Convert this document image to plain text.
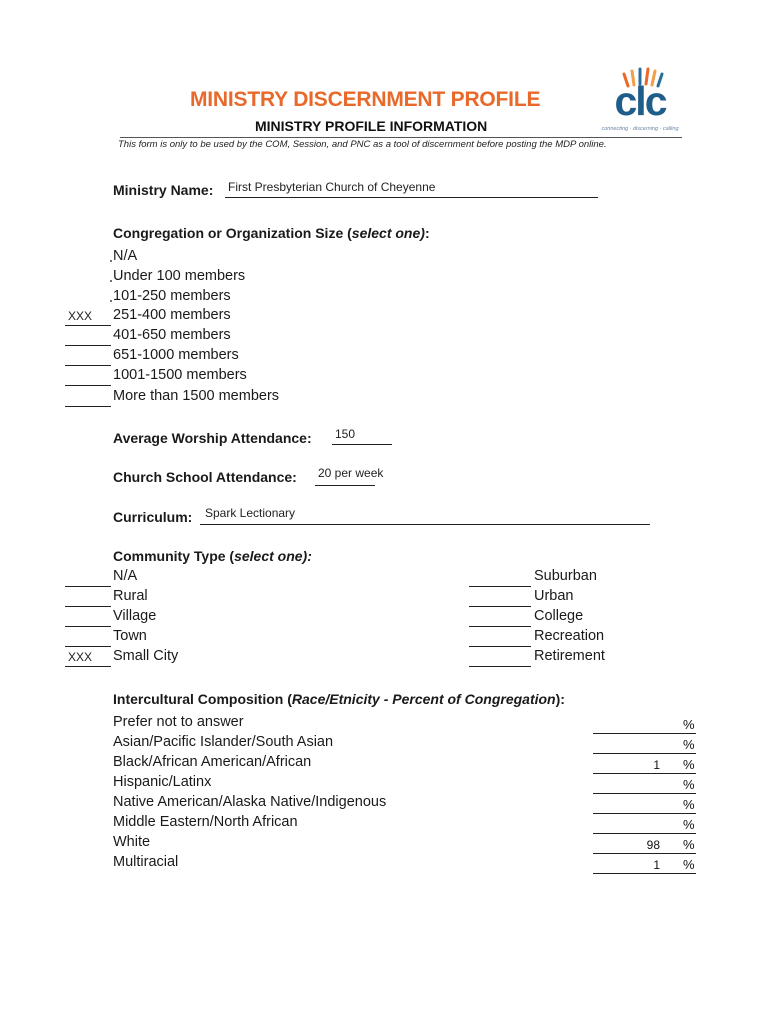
MINISTRY DISCERNMENT PROFILE
MINISTRY PROFILE INFORMATION
This form is only to be used by the COM, Session, and PNC as a tool of discernment before posting the MDP online.
clc
connecting · discerning · calling
Ministry Name: First Presbyterian Church of Cheyenne
Congregation or Organization Size (select one):
N/A
Under 100 members
101-250 members
XXX 251-400 members
401-650 members
651-1000 members
1001-1500 members
More than 1500 members
Average Worship Attendance: 150
Church School Attendance: 20 per week
Curriculum: Spark Lectionary
Community Type (select one):
N/A
Rural
Village
Town
XXX Small City
Suburban
Urban
College
Recreation
Retirement
Intercultural Composition (Race/Etnicity - Percent of Congregation):
Prefer not to answer	%
Asian/Pacific Islander/South Asian	%
Black/African American/African	1 %
Hispanic/Latinx	%
Native American/Alaska Native/Indigenous	%
Middle Eastern/North African	%
White	98 %
Multiracial	1 %
